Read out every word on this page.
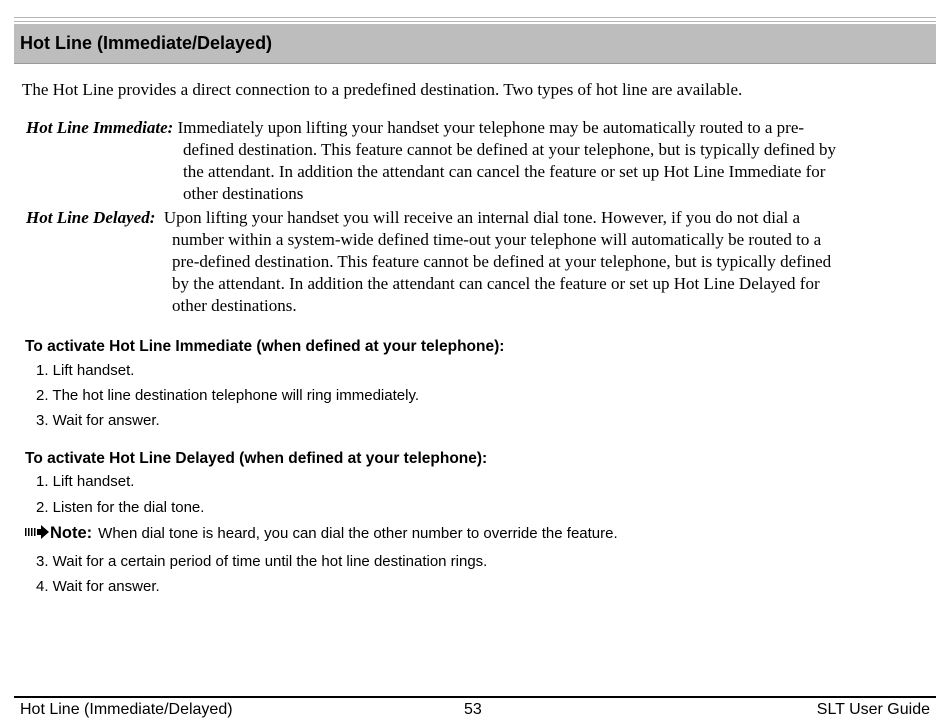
Hot Line (Immediate/Delayed)
The Hot Line provides a direct connection to a predefined destination. Two types of hot line are available.
Hot Line Immediate: Immediately upon lifting your handset your telephone may be automatically routed to a pre-
defined destination. This feature cannot be defined at your telephone, but is typically defined by
the attendant. In addition the attendant can cancel the feature or set up Hot Line Immediate for
other destinations
Hot Line Delayed:  Upon lifting your handset you will receive an internal dial tone. However, if you do not dial a
number within a system-wide defined time-out your telephone will automatically be routed to a
pre-defined destination. This feature cannot be defined at your telephone, but is typically defined
by the attendant. In addition the attendant can cancel the feature or set up Hot Line Delayed for
other destinations.
To activate Hot Line Immediate (when defined at your telephone):
1. Lift handset.
2. The hot line destination telephone will ring immediately.
3. Wait for answer.
To activate Hot Line Delayed (when defined at your telephone):
1. Lift handset.
2. Listen for the dial tone.
Note: When dial tone is heard, you can dial the other number to override the feature.
3. Wait for a certain period of time until the hot line destination rings.
4. Wait for answer.
Hot Line (Immediate/Delayed)	53	SLT User Guide
